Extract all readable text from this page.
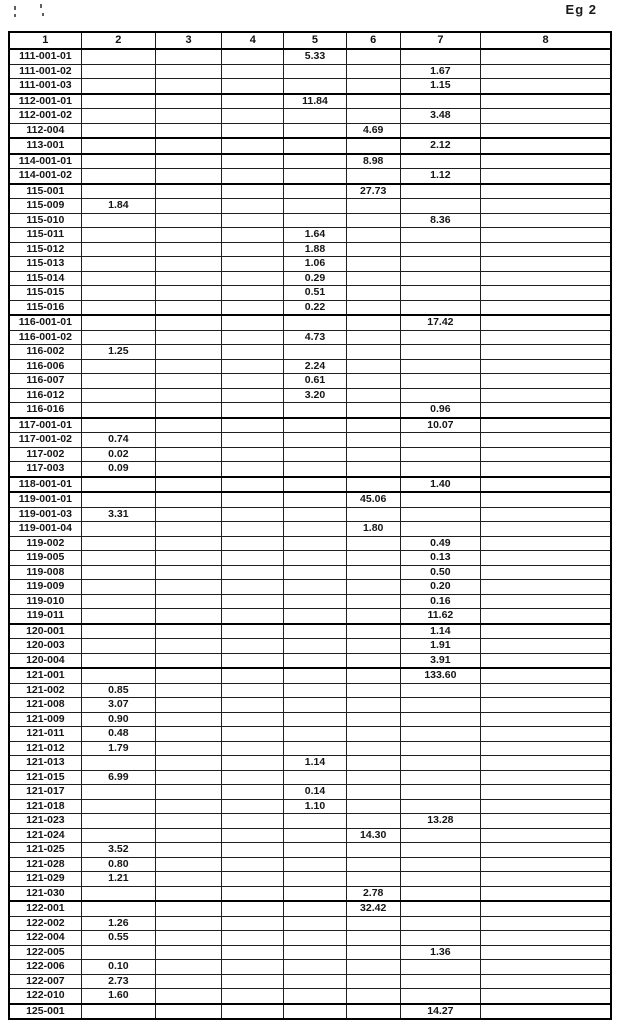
Eg 2
1	2	3	4	5	6	7	8
111-001-01				5.33			
111-001-02						1.67	
111-001-03						1.15	
112-001-01				11.84			
112-001-02						3.48	
112-004					4.69		
113-001						2.12	
114-001-01					8.98		
114-001-02						1.12	
115-001					27.73		
115-009	1.84						
115-010						8.36	
115-011				1.64			
115-012				1.88			
115-013				1.06			
115-014				0.29			
115-015				0.51			
115-016				0.22			
116-001-01						17.42	
116-001-02				4.73			
116-002	1.25						
116-006				2.24			
116-007				0.61			
116-012				3.20			
116-016						0.96	
117-001-01						10.07	
117-001-02	0.74						
117-002	0.02						
117-003	0.09						
118-001-01						1.40	
119-001-01					45.06		
119-001-03	3.31						
119-001-04					1.80		
119-002						0.49	
119-005						0.13	
119-008						0.50	
119-009						0.20	
119-010						0.16	
119-011						11.62	
120-001						1.14	
120-003						1.91	
120-004						3.91	
121-001						133.60	
121-002	0.85						
121-008	3.07						
121-009	0.90						
121-011	0.48						
121-012	1.79						
121-013				1.14			
121-015	6.99						
121-017				0.14			
121-018				1.10			
121-023						13.28	
121-024					14.30		
121-025	3.52						
121-028	0.80						
121-029	1.21						
121-030					2.78		
122-001					32.42		
122-002	1.26						
122-004	0.55						
122-005						1.36	
122-006	0.10						
122-007	2.73						
122-010	1.60						
125-001						14.27	
